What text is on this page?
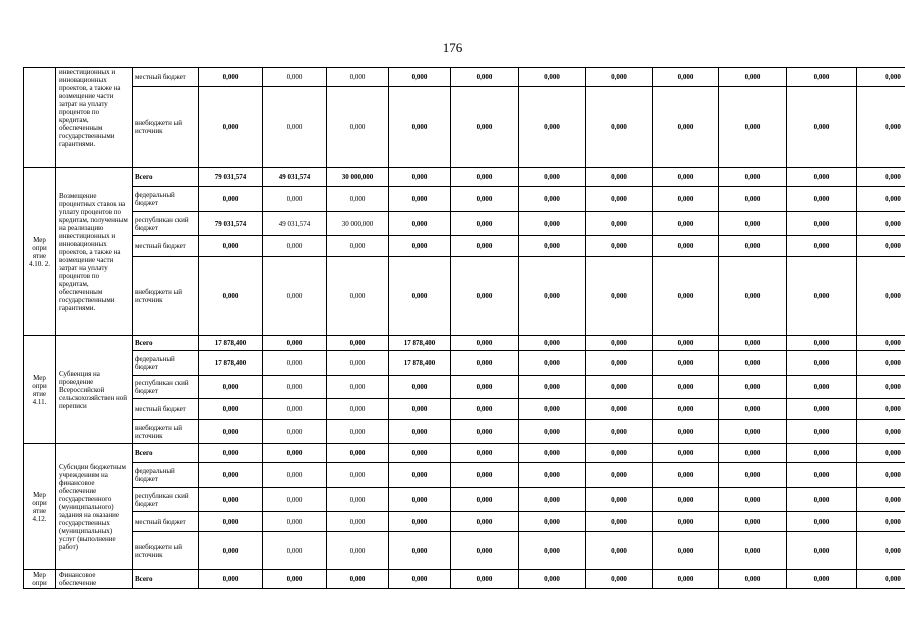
176
	инвестиционных и инновационных проектов, а также на возмещение части затрат на уплату процентов по кредитам, обеспеченным государственными гарантиями.	местный бюджет	0,000	0,000	0,000	0,000	0,000	0,000	0,000	0,000	0,000	0,000	0,000
		внебюджетн ый источник	0,000	0,000	0,000	0,000	0,000	0,000	0,000	0,000	0,000	0,000	0,000
Мер опри ятие 4.10. 2.	Возмещение процентных ставок на уплату процентов по кредитам, полученным на реализацию инвестиционных и инновационных проектов, а также на возмещение части затрат на уплату процентов по кредитам, обеспеченным государственными гарантиями.	Всего	79 031,574	49 031,574	30 000,000	0,000	0,000	0,000	0,000	0,000	0,000	0,000	0,000
		федеральный бюджет	0,000	0,000	0,000	0,000	0,000	0,000	0,000	0,000	0,000	0,000	0,000
		республикан ский бюджет	79 031,574	49 031,574	30 000,000	0,000	0,000	0,000	0,000	0,000	0,000	0,000	0,000
		местный бюджет	0,000	0,000	0,000	0,000	0,000	0,000	0,000	0,000	0,000	0,000	0,000
		внебюджетн ый источник	0,000	0,000	0,000	0,000	0,000	0,000	0,000	0,000	0,000	0,000	0,000
Мер опри ятие 4.11.	Субвенция на проведение Всероссийской сельскохозяйствен ной переписи	Всего	17 878,400	0,000	0,000	17 878,400	0,000	0,000	0,000	0,000	0,000	0,000	0,000
		федеральный бюджет	17 878,400	0,000	0,000	17 878,400	0,000	0,000	0,000	0,000	0,000	0,000	0,000
		республикан ский бюджет	0,000	0,000	0,000	0,000	0,000	0,000	0,000	0,000	0,000	0,000	0,000
		местный бюджет	0,000	0,000	0,000	0,000	0,000	0,000	0,000	0,000	0,000	0,000	0,000
		внебюджетн ый источник	0,000	0,000	0,000	0,000	0,000	0,000	0,000	0,000	0,000	0,000	0,000
Мер опри ятие 4.12.	Субсидии бюджетным учреждениям на финансовое обеспечение государственного (муниципального) задания на оказание государственных (муниципальных) услуг (выполнение работ)	Всего	0,000	0,000	0,000	0,000	0,000	0,000	0,000	0,000	0,000	0,000	0,000
		федеральный бюджет	0,000	0,000	0,000	0,000	0,000	0,000	0,000	0,000	0,000	0,000	0,000
		республикан ский бюджет	0,000	0,000	0,000	0,000	0,000	0,000	0,000	0,000	0,000	0,000	0,000
		местный бюджет	0,000	0,000	0,000	0,000	0,000	0,000	0,000	0,000	0,000	0,000	0,000
		внебюджетн ый источник	0,000	0,000	0,000	0,000	0,000	0,000	0,000	0,000	0,000	0,000	0,000
Мер опри	Финансовое обеспечение	Всего	0,000	0,000	0,000	0,000	0,000	0,000	0,000	0,000	0,000	0,000	0,000
